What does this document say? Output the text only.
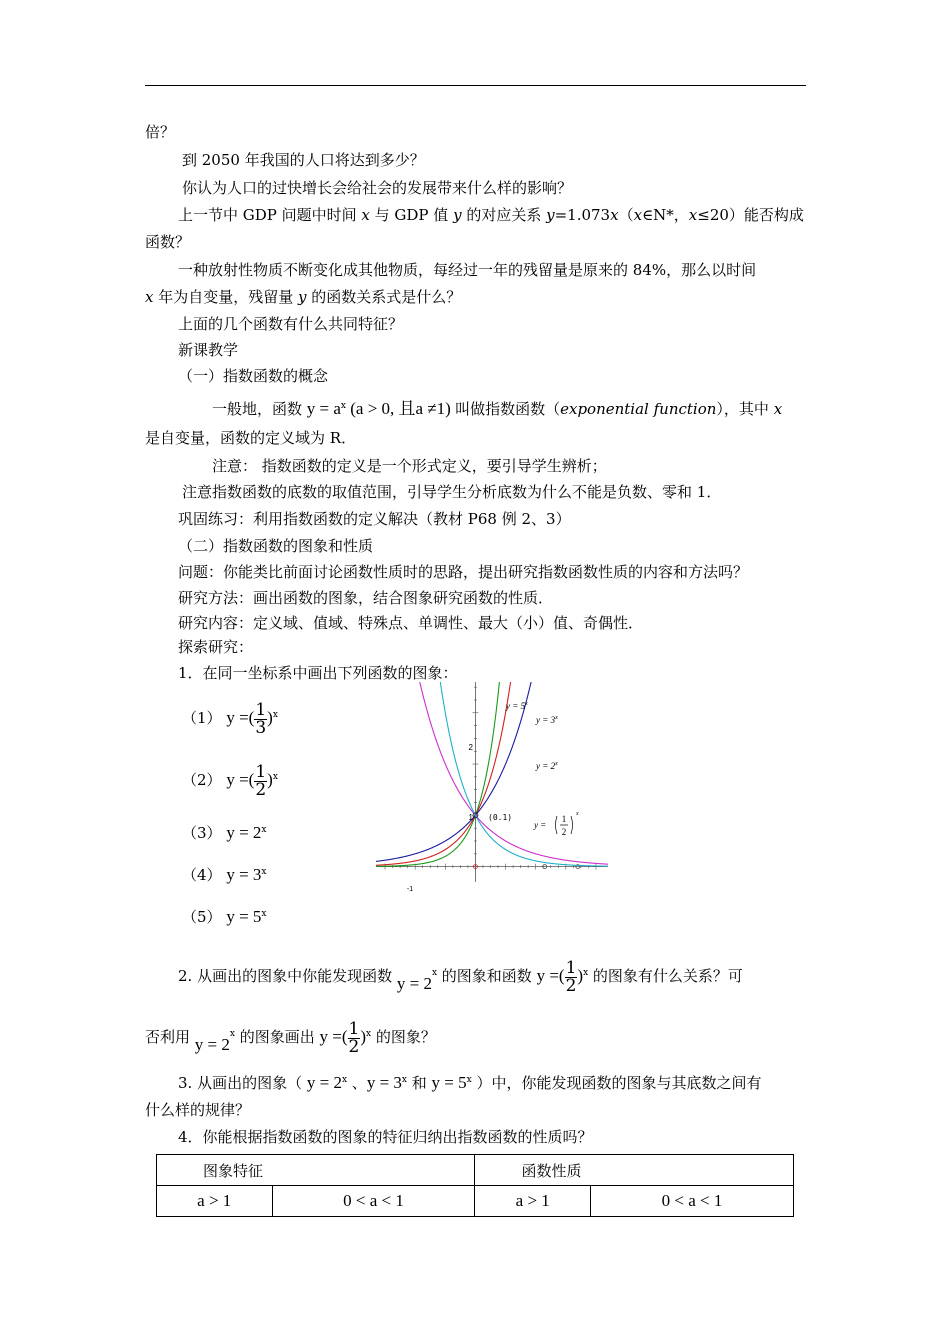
倍？
到 2050 年我国的人口将达到多少？
你认为人口的过快增长会给社会的发展带来什么样的影响？
上一节中 GDP 问题中时间 x 与 GDP 值 y 的对应关系 y=1.073x（x∈N*，x≤20）能否构成
函数？
一种放射性物质不断变化成其他物质，每经过一年的残留量是原来的 84%，那么以时间
x 年为自变量，残留量 y 的函数关系式是什么？
上面的几个函数有什么共同特征？
新课教学
（一）指数函数的概念
一般地，函数 $y = a^x$ (a > 0, 且a ≠1) 叫做指数函数（exponential function），其中 x
是自变量，函数的定义域为 R．
注意： 指数函数的定义是一个形式定义，要引导学生辨析；
注意指数函数的底数的取值范围，引导学生分析底数为什么不能是负数、零和 1．
巩固练习：利用指数函数的定义解决（教材 P68 例 2、3）
（二）指数函数的图象和性质
问题：你能类比前面讨论函数性质时的思路，提出研究指数函数性质的内容和方法吗？
研究方法：画出函数的图象，结合图象研究函数的性质．
研究内容：定义域、值域、特殊点、单调性、最大（小）值、奇偶性．
探索研究：
1．在同一坐标系中画出下列函数的图象：
（1） y =( $\frac{1}{3} )^x$
（2） y =( $\frac{1}{2} )^x$
（3） $y = 2^x$
（4） $y = 3^x$
（5） $y = 5^x$
$y = 5^x$
$y = 3^x$
$y = 2^x$
y =
1
2
x
(0.1)
2
1
-1
2. 从画出的图象中你能发现函数 $y = 2^x$ 的图象和函数 y =( $\frac{1}{2} )^x$ 的图象有什么关系？可
否利用 $y = 2^x$ 的图象画出 y =( $\frac{1}{2} )^x$ 的图象？
3. 从画出的图象（ $y = 2^x$ 、$y = 3^x$ 和 $y = 5^x$ ）中，你能发现函数的图象与其底数之间有
什么样的规律？
4．你能根据指数函数的图象的特征归纳出指数函数的性质吗？
图象特征		函数性质	
a > 1	0 < a < 1	a > 1	0 < a < 1
